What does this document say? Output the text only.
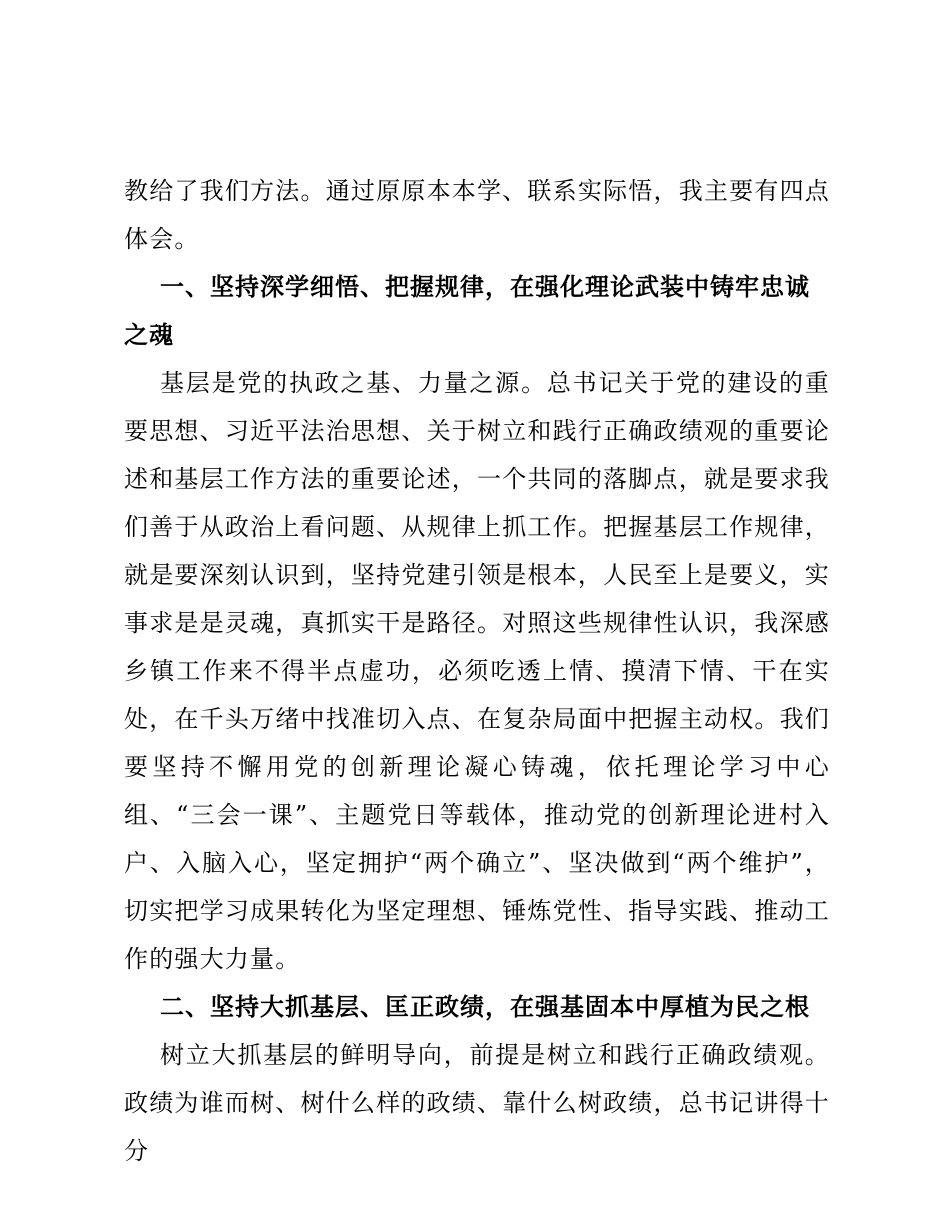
教给了我们方法。通过原原本本学、联系实际悟，我主要有四点体会。

一、坚持深学细悟、把握规律，在强化理论武装中铸牢忠诚之魂

基层是党的执政之基、力量之源。总书记关于党的建设的重要思想、习近平法治思想、关于树立和践行正确政绩观的重要论述和基层工作方法的重要论述，一个共同的落脚点，就是要求我们善于从政治上看问题、从规律上抓工作。把握基层工作规律，就是要深刻认识到，坚持党建引领是根本，人民至上是要义，实事求是是灵魂，真抓实干是路径。对照这些规律性认识，我深感乡镇工作来不得半点虚功，必须吃透上情、摸清下情、干在实处，在千头万绪中找准切入点、在复杂局面中把握主动权。我们要坚持不懈用党的创新理论凝心铸魂，依托理论学习中心组、“三会一课”、主题党日等载体，推动党的创新理论进村入户、入脑入心，坚定拥护“两个确立”、坚决做到“两个维护”，切实把学习成果转化为坚定理想、锤炼党性、指导实践、推动工作的强大力量。

二、坚持大抓基层、匡正政绩，在强基固本中厚植为民之根

树立大抓基层的鲜明导向，前提是树立和践行正确政绩观。政绩为谁而树、树什么样的政绩、靠什么树政绩，总书记讲得十分
